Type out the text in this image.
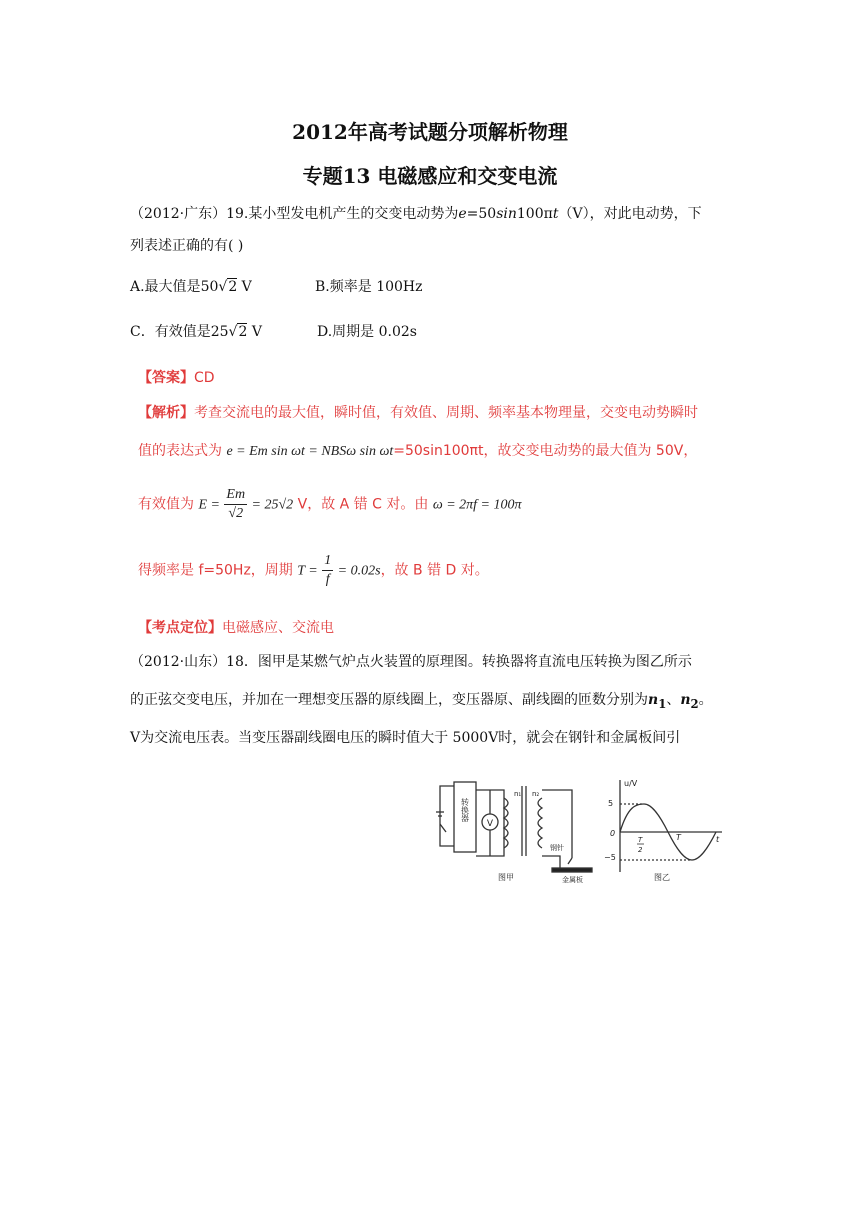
2012年高考试题分项解析物理
专题13 电磁感应和交变电流
（2012·广东）19.某小型发电机产生的交变电动势为e=50sin100πt（V），对此电动势，下
列表述正确的有( )
A.最大值是50√2 V	B.频率是 100Hz
C．有效值是25√2 V	D.周期是 0.02s
【答案】CD
【解析】考查交流电的最大值，瞬时值，有效值、周期、频率基本物理量，交变电动势瞬时
值的表达式为 e = Em sin ωt = NBSω sin ωt=50sin100πt，故交变电动势的最大值为 50V，
有效值为 $E = \frac{Em}{√2} = 25√2$ V，故 A 错 C 对。由 ω = 2πf = 100π
得频率是 f=50Hz，周期 $T = \frac{1}{f} = 0.02s$，故 B 错 D 对。
【考点定位】电磁感应、交流电
（2012·山东）18．图甲是某燃气炉点火装置的原理图。转换器将直流电压转换为图乙所示
的正弦交变电压，并加在一理想变压器的原线圈上，变压器原、副线圈的匝数分别为$n_1$、$n_2$。
V为交流电压表。当变压器副线圈电压的瞬时值大于 5000V时，就会在钢针和金属板间引
转换器
V
n₁ n₂
钢针
金属板
图甲
u/V
5
−5
0
T
2
T	t
图乙
